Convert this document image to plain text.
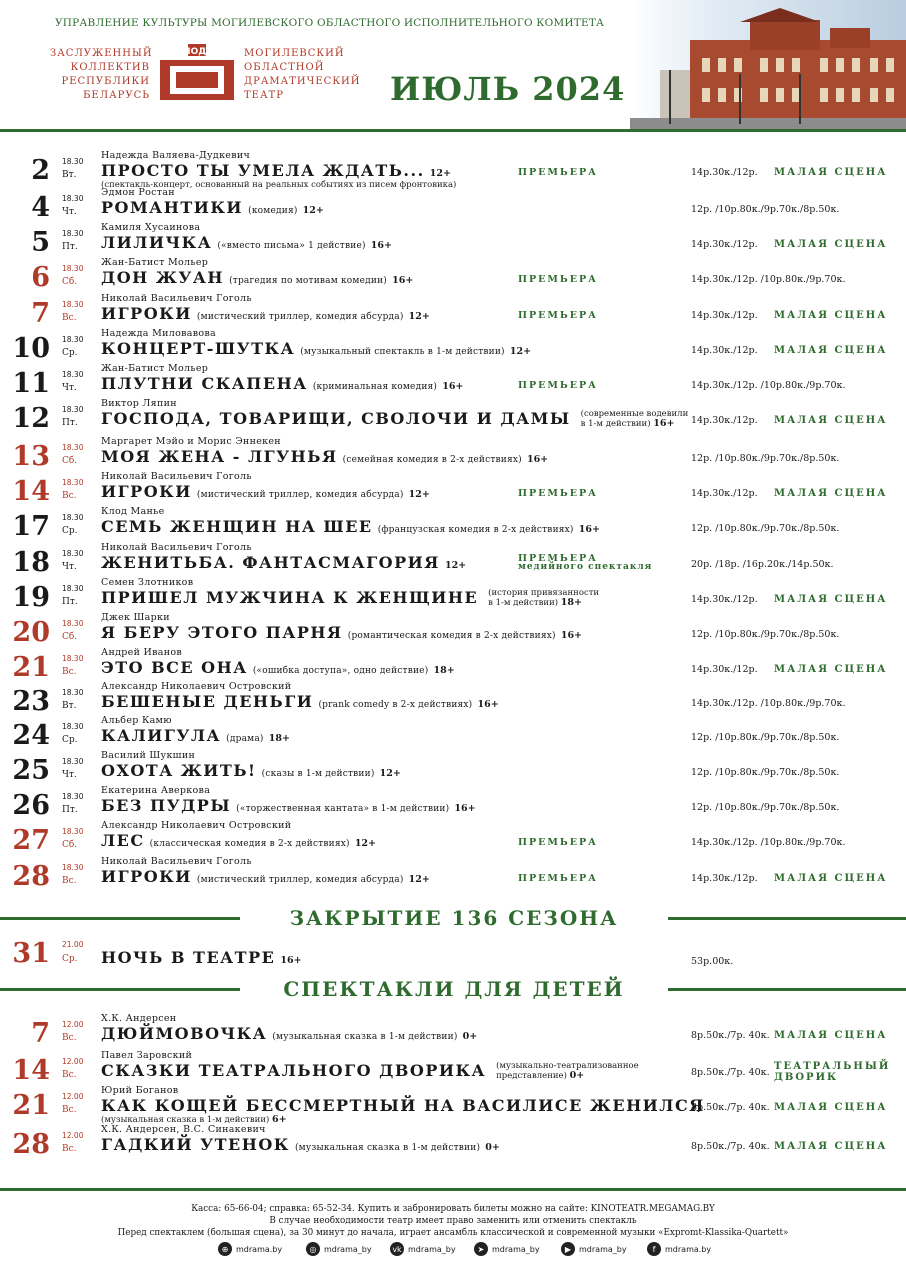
УПРАВЛЕНИЕ КУЛЬТУРЫ МОГИЛЕВСКОГО ОБЛАСТНОГО ИСПОЛНИТЕЛЬНОГО КОМИТЕТА
ЗАСЛУЖЕННЫЙ
КОЛЛЕКТИВ
РЕСПУБЛИКИ
БЕЛАРУСЬ
МОДТ	МОГИЛЕВСКИЙ
ОБЛАСТНОЙ
ДРАМАТИЧЕСКИЙ
ТЕАТР	ИЮЛЬ 2024
2 18.30
Вт.
Надежда Валяева-Дудкевич
ПРОСТО ТЫ УМЕЛА ЖДАТЬ... 12+
(спектакль-концерт, основанный на реальных событиях из писем фронтовика)
ПРЕМЬЕРА	14р.30к./12р. МАЛАЯ СЦЕНА
4 18.30
Чт.
Эдмон Ростан
РОМАНТИКИ (комедия) 12+	12р. /10р.80к./9р.70к./8р.50к.
5 18.30
Пт.
Камиля Хусаинова
ЛИЛИЧКА («вместо письма» 1 действие) 16+	14р.30к./12р. МАЛАЯ СЦЕНА
6 18.30
Сб.
Жан-Батист Мольер
ДОН ЖУАН (трагедия по мотивам комедии) 16+	ПРЕМЬЕРА	14р.30к./12р. /10р.80к./9р.70к.
7 18.30
Вс.
Николай Васильевич Гоголь
ИГРОКИ (мистический триллер, комедия абсурда) 12+	ПРЕМЬЕРА	14р.30к./12р. МАЛАЯ СЦЕНА
10 18.30
Ср.
Надежда Миловавова
КОНЦЕРТ-ШУТКА (музыкальный спектакль в 1-м действии) 12+	14р.30к./12р. МАЛАЯ СЦЕНА
11 18.30
Чт.
Жан-Батист Мольер
ПЛУТНИ СКАПЕНА (криминальная комедия) 16+	ПРЕМЬЕРА	14р.30к./12р. /10р.80к./9р.70к.
12 18.30
Пт.
Виктор Ляпин
ГОСПОДА, ТОВАРИЩИ, СВОЛОЧИ И ДАМЫ (современные водевили
в 1-м действии) 16+ 14р.30к./12р. МАЛАЯ СЦЕНА
13 18.30
Сб.
Маргарет Мэйо и Морис Эннекен
МОЯ ЖЕНА - ЛГУНЬЯ (семейная комедия в 2-х действиях) 16+	12р. /10р.80к./9р.70к./8р.50к.
14 18.30
Вс.
Николай Васильевич Гоголь
ИГРОКИ (мистический триллер, комедия абсурда) 12+	ПРЕМЬЕРА	14р.30к./12р. МАЛАЯ СЦЕНА
17 18.30
Ср.
Клод Манье
СЕМЬ ЖЕНЩИН НА ШЕЕ (французская комедия в 2-х действиях) 16+	12р. /10р.80к./9р.70к./8р.50к.
18 18.30
Чт.
Николай Васильевич Гоголь
ЖЕНИТЬБА. ФАНТАСМАГОРИЯ 12+
ПРЕМЬЕРА
медийного спектакля	20р. /18р. /16р.20к./14р.50к.
19 18.30
Пт.
Семен Злотников
ПРИШЕЛ МУЖЧИНА К ЖЕНЩИНЕ (история привязанности
в 1-м действии) 18+	14р.30к./12р. МАЛАЯ СЦЕНА
20 18.30
Сб.
Джек Шарки
Я БЕРУ ЭТОГО ПАРНЯ (романтическая комедия в 2-х действиях) 16+	12р. /10р.80к./9р.70к./8р.50к.
21 18.30
Вс.
Андрей Иванов
ЭТО ВСЕ ОНА («ошибка доступа», одно действие) 18+	14р.30к./12р. МАЛАЯ СЦЕНА
23 18.30
Вт.
Александр Николаевич Островский
БЕШЕНЫЕ ДЕНЬГИ (prank comedy в 2-х действиях) 16+	14р.30к./12р. /10р.80к./9р.70к.
24 18.30
Ср.
Альбер Камю
КАЛИГУЛА (драма) 18+	12р. /10р.80к./9р.70к./8р.50к.
25 18.30
Чт.
Василий Шукшин
ОХОТА ЖИТЬ! (сказы в 1-м действии) 12+	12р. /10р.80к./9р.70к./8р.50к.
26 18.30
Пт.
Екатерина Аверкова
БЕЗ ПУДРЫ («торжественная кантата» в 1-м действии) 16+	12р. /10р.80к./9р.70к./8р.50к.
27 18.30
Сб.
Александр Николаевич Островский
ЛЕС (классическая комедия в 2-х действиях) 12+	ПРЕМЬЕРА	14р.30к./12р. /10р.80к./9р.70к.
28 18.30
Вс.
Николай Васильевич Гоголь
ИГРОКИ (мистический триллер, комедия абсурда) 12+	ПРЕМЬЕРА	14р.30к./12р. МАЛАЯ СЦЕНА
ЗАКРЫТИЕ 136 СЕЗОНА
31 21.00
Ср. НОЧЬ В ТЕАТРЕ 16+	53р.00к.
СПЕКТАКЛИ ДЛЯ ДЕТЕЙ
7 12.00
Вс.
Х.К. Андерсен
ДЮЙМОВОЧКА (музыкальная сказка в 1-м действии) 0+	8р.50к./7р. 40к. МАЛАЯ СЦЕНА
14 12.00
Вс.
Павел Заровский
СКАЗКИ ТЕАТРАЛЬНОГО ДВОРИКА (музыкально-театрализованное
представление) 0+	8р.50к./7р. 40к.
ТЕАТРАЛЬНЫЙ
ДВОРИК
21 12.00
Вс.
Юрий Боганов
КАК КОЩЕЙ БЕССМЕРТНЫЙ НА ВАСИЛИСЕ ЖЕНИЛСЯ
(музыкальная сказка в 1-м действии) 6+
8р.50к./7р. 40к. МАЛАЯ СЦЕНА
28 12.00
Вс.
Х.К. Андерсен, В.С. Синакевич
ГАДКИЙ УТЕНОК (музыкальная сказка в 1-м действии) 0+	8р.50к./7р. 40к. МАЛАЯ СЦЕНА
Касса: 65-66-04; справка: 65-52-34. Купить и забронировать билеты можно на сайте: KINOTEATR.MEGAMAG.BY
В случае необходимости театр имеет право заменить или отменить спектакль
Перед спектаклем (большая сцена), за 30 минут до начала, играет ансамбль классической и современной музыки «Expromt-Klassika-Quartett»
⊕ mdrama.by	◎ mdrama_by	vk mdrama_by	➤ mdrama_by	▶ mdrama_by	f	mdrama.by
